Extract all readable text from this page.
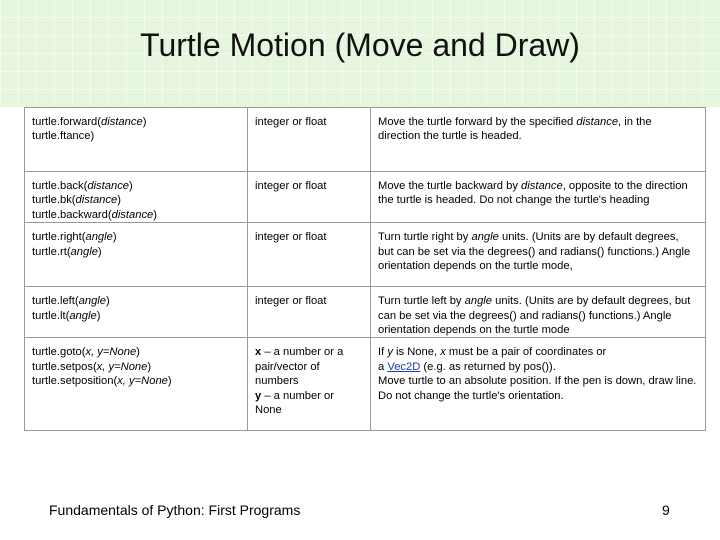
Turtle Motion (Move and Draw)
turtle.forward(distance)
turtle.ftance)	integer or float	Move the turtle forward by the specified distance, in the direction the turtle is headed.

turtle.back(distance)
turtle.bk(distance)
turtle.backward(distance)	integer or float	Move the turtle backward by distance, opposite to the direction the turtle is headed. Do not change the turtle's heading

turtle.right(angle)
turtle.rt(angle)	integer or float	Turn turtle right by angle units. (Units are by default degrees, but can be set via the degrees() and radians() functions.) Angle orientation depends on the turtle mode,

turtle.left(angle)
turtle.lt(angle)	integer or float	Turn turtle left by angle units. (Units are by default degrees, but can be set via the degrees() and radians() functions.) Angle orientation depends on the turtle mode

turtle.goto(x, y=None)
turtle.setpos(x, y=None)
turtle.setposition(x, y=None)	x – a number or a pair/vector of numbers
y – a number or None	If y is None, x must be a pair of coordinates or
a Vec2D (e.g. as returned by pos()).
Move turtle to an absolute position. If the pen is down, draw line. Do not change the turtle's orientation.
Fundamentals of Python: First Programs	9
